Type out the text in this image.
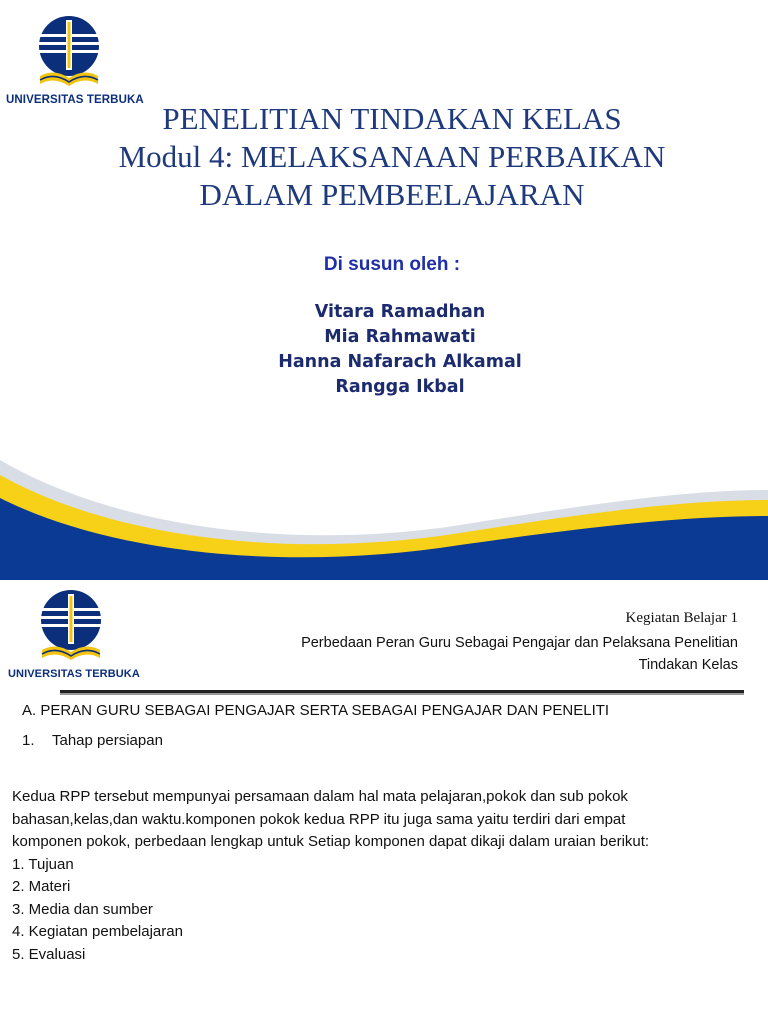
UNIVERSITAS TERBUKA
PENELITIAN TINDAKAN KELAS
Modul 4: MELAKSANAAN PERBAIKAN
DALAM PEMBEELAJARAN
Di susun oleh :
Vitara Ramadhan
Mia Rahmawati
Hanna Nafarach Alkamal
Rangga Ikbal
UNIVERSITAS TERBUKA
Kegiatan Belajar 1
Perbedaan Peran Guru Sebagai Pengajar dan Pelaksana Penelitian
Tindakan Kelas
A. PERAN GURU SEBAGAI PENGAJAR SERTA SEBAGAI PENGAJAR DAN PENELITI
1. Tahap persiapan
Kedua RPP tersebut mempunyai persamaan dalam hal mata pelajaran,pokok dan sub pokok
bahasan,kelas,dan waktu.komponen pokok kedua RPP itu juga sama yaitu terdiri dari empat
komponen pokok, perbedaan lengkap untuk Setiap komponen dapat dikaji dalam uraian berikut:
1. Tujuan
2. Materi
3. Media dan sumber
4. Kegiatan pembelajaran
5. Evaluasi
